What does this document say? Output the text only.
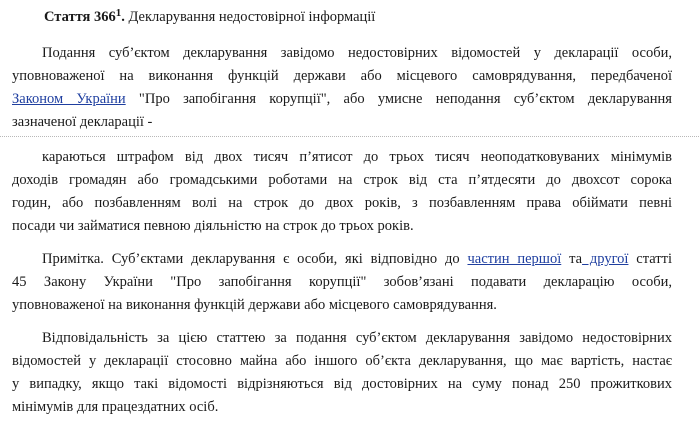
Стаття $366^1$. Декларування недостовірної інформації
Подання суб’єктом декларування завідомо недостовірних відомостей у декларації особи,
уповноваженої на виконання функцій держави або місцевого самоврядування, передбаченої
Законом України "Про запобігання корупції", або умисне неподання суб’єктом декларування
зазначеної декларації -
караються штрафом від двох тисяч п’ятисот до трьох тисяч неоподатковуваних мінімумів
доходів громадян або громадськими роботами на строк від ста п’ятдесяти до двохсот сорока
годин, або позбавленням волі на строк до двох років, з позбавленням права обіймати певні
посади чи займатися певною діяльністю на строк до трьох років.
Примітка. Суб’єктами декларування є особи, які відповідно до частин першої та другої статті
45 Закону України "Про запобігання корупції" зобов’язані подавати декларацію особи,
уповноваженої на виконання функцій держави або місцевого самоврядування.
Відповідальність за цією статтею за подання суб’єктом декларування завідомо недостовірних
відомостей у декларації стосовно майна або іншого об’єкта декларування, що має вартість, настає
у випадку, якщо такі відомості відрізняються від достовірних на суму понад 250 прожиткових
мінімумів для працездатних осіб.
